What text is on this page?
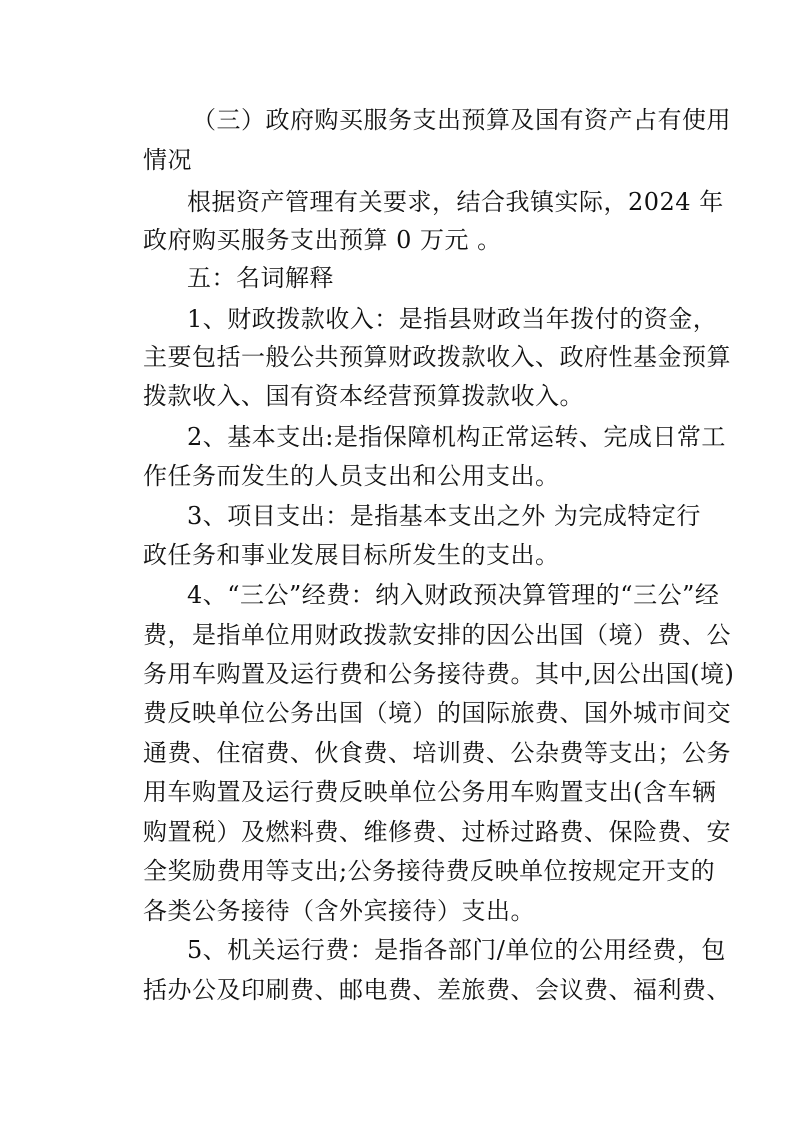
（三）政府购买服务支出预算及国有资产占有使用
情况
根据资产管理有关要求，结合我镇实际，2024 年
政府购买服务支出预算 0 万元 。
五：名词解释
1、财政拨款收入：是指县财政当年拨付的资金，
主要包括一般公共预算财政拨款收入、政府性基金预算
拨款收入、国有资本经营预算拨款收入。
2、基本支出:是指保障机构正常运转、完成日常工
作任务而发生的人员支出和公用支出。
3、项目支出：是指基本支出之外 为完成特定行
政任务和事业发展目标所发生的支出。
4、“三公”经费：纳入财政预决算管理的“三公”经
费，是指单位用财政拨款安排的因公出国（境）费、公
务用车购置及运行费和公务接待费。其中,因公出国(境)
费反映单位公务出国（境）的国际旅费、国外城市间交
通费、住宿费、伙食费、培训费、公杂费等支出；公务
用车购置及运行费反映单位公务用车购置支出(含车辆
购置税）及燃料费、维修费、过桥过路费、保险费、安
全奖励费用等支出;公务接待费反映单位按规定开支的
各类公务接待（含外宾接待）支出。
5、机关运行费：是指各部门/单位的公用经费，包
括办公及印刷费、邮电费、差旅费、会议费、福利费、
